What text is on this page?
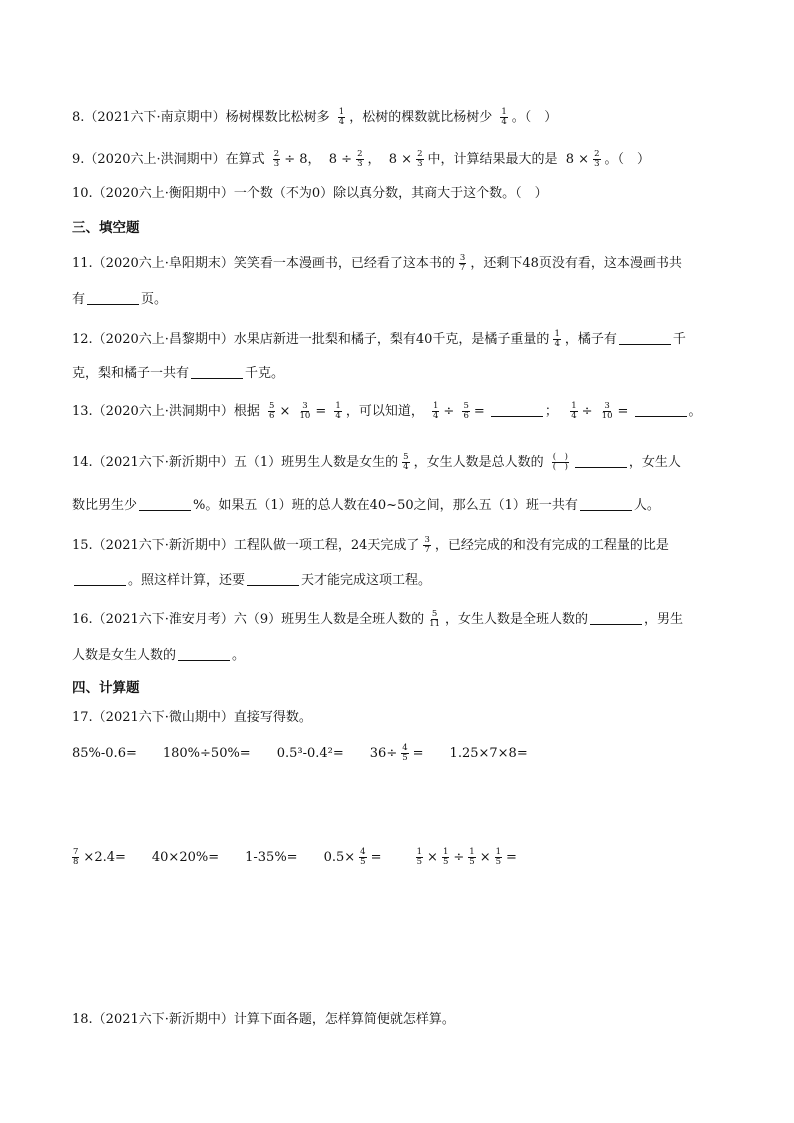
8.（2021六下·南京期中）杨树棵数比松树多 $\frac{1}{4}$ ，松树的棵数就比杨树少 $\frac{1}{4}$ 。（　）
9.（2020六上·洪洞期中）在算式 $\frac{2}{3} \div 8$， $8 \div \frac{2}{3}$ ， $8 \times \frac{2}{3}$ 中，计算结果最大的是 $8 \times \frac{2}{3}$ 。（　）
10.（2020六上·衡阳期中）一个数（不为0）除以真分数，其商大于这个数。（　）
三、填空题
11.（2020六上·阜阳期末）笑笑看一本漫画书，已经看了这本书的 $\frac{3}{7}$ ，还剩下48页没有看，这本漫画书共
有	页。
12.（2020六上·昌黎期中）水果店新进一批梨和橘子，梨有40千克，是橘子重量的 $\frac{1}{4}$ ，橘子有	千
克，梨和橘子一共有	千克。
13.（2020六上·洪洞期中）根据 $\frac{5}{6} \times \frac{3}{10} = \frac{1}{4}$ ，可以知道， $\frac{1}{4} \div \frac{5}{6}$ =	； $\frac{1}{4} \div \frac{3}{10}$ =	。
14.（2021六下·新沂期中）五（1）班男生人数是女生的 $\frac{5}{4}$ ，女生人数是总人数的 $\frac{( )}{( )}$	，女生人
数比男生少	%。如果五（1）班的总人数在40~50之间，那么五（1）班一共有	人。
15.（2021六下·新沂期中）工程队做一项工程，24天完成了 $\frac{3}{7}$ ，已经完成的和没有完成的工程量的比是
。照这样计算，还要	天才能完成这项工程。
16.（2021六下·淮安月考）六（9）班男生人数是全班人数的 $\frac{5}{11}$ ，女生人数是全班人数的	，男生
人数是女生人数的	。
四、计算题
17.（2021六下·微山期中）直接写得数。
$85\%-0.6= 180\%\div 50\%= 0.5^3-0.4^2= 36\div \frac{4}{5} = 1.25\times 7\times 8=$
$\frac{7}{8} \times 2.4= 40\times 20\%= 1-35\%= 0.5\times \frac{4}{5}$ =	$\frac{1}{5} \times \frac{1}{5} \div \frac{1}{5} \times \frac{1}{5}$ =
18.（2021六下·新沂期中）计算下面各题，怎样算简便就怎样算。
